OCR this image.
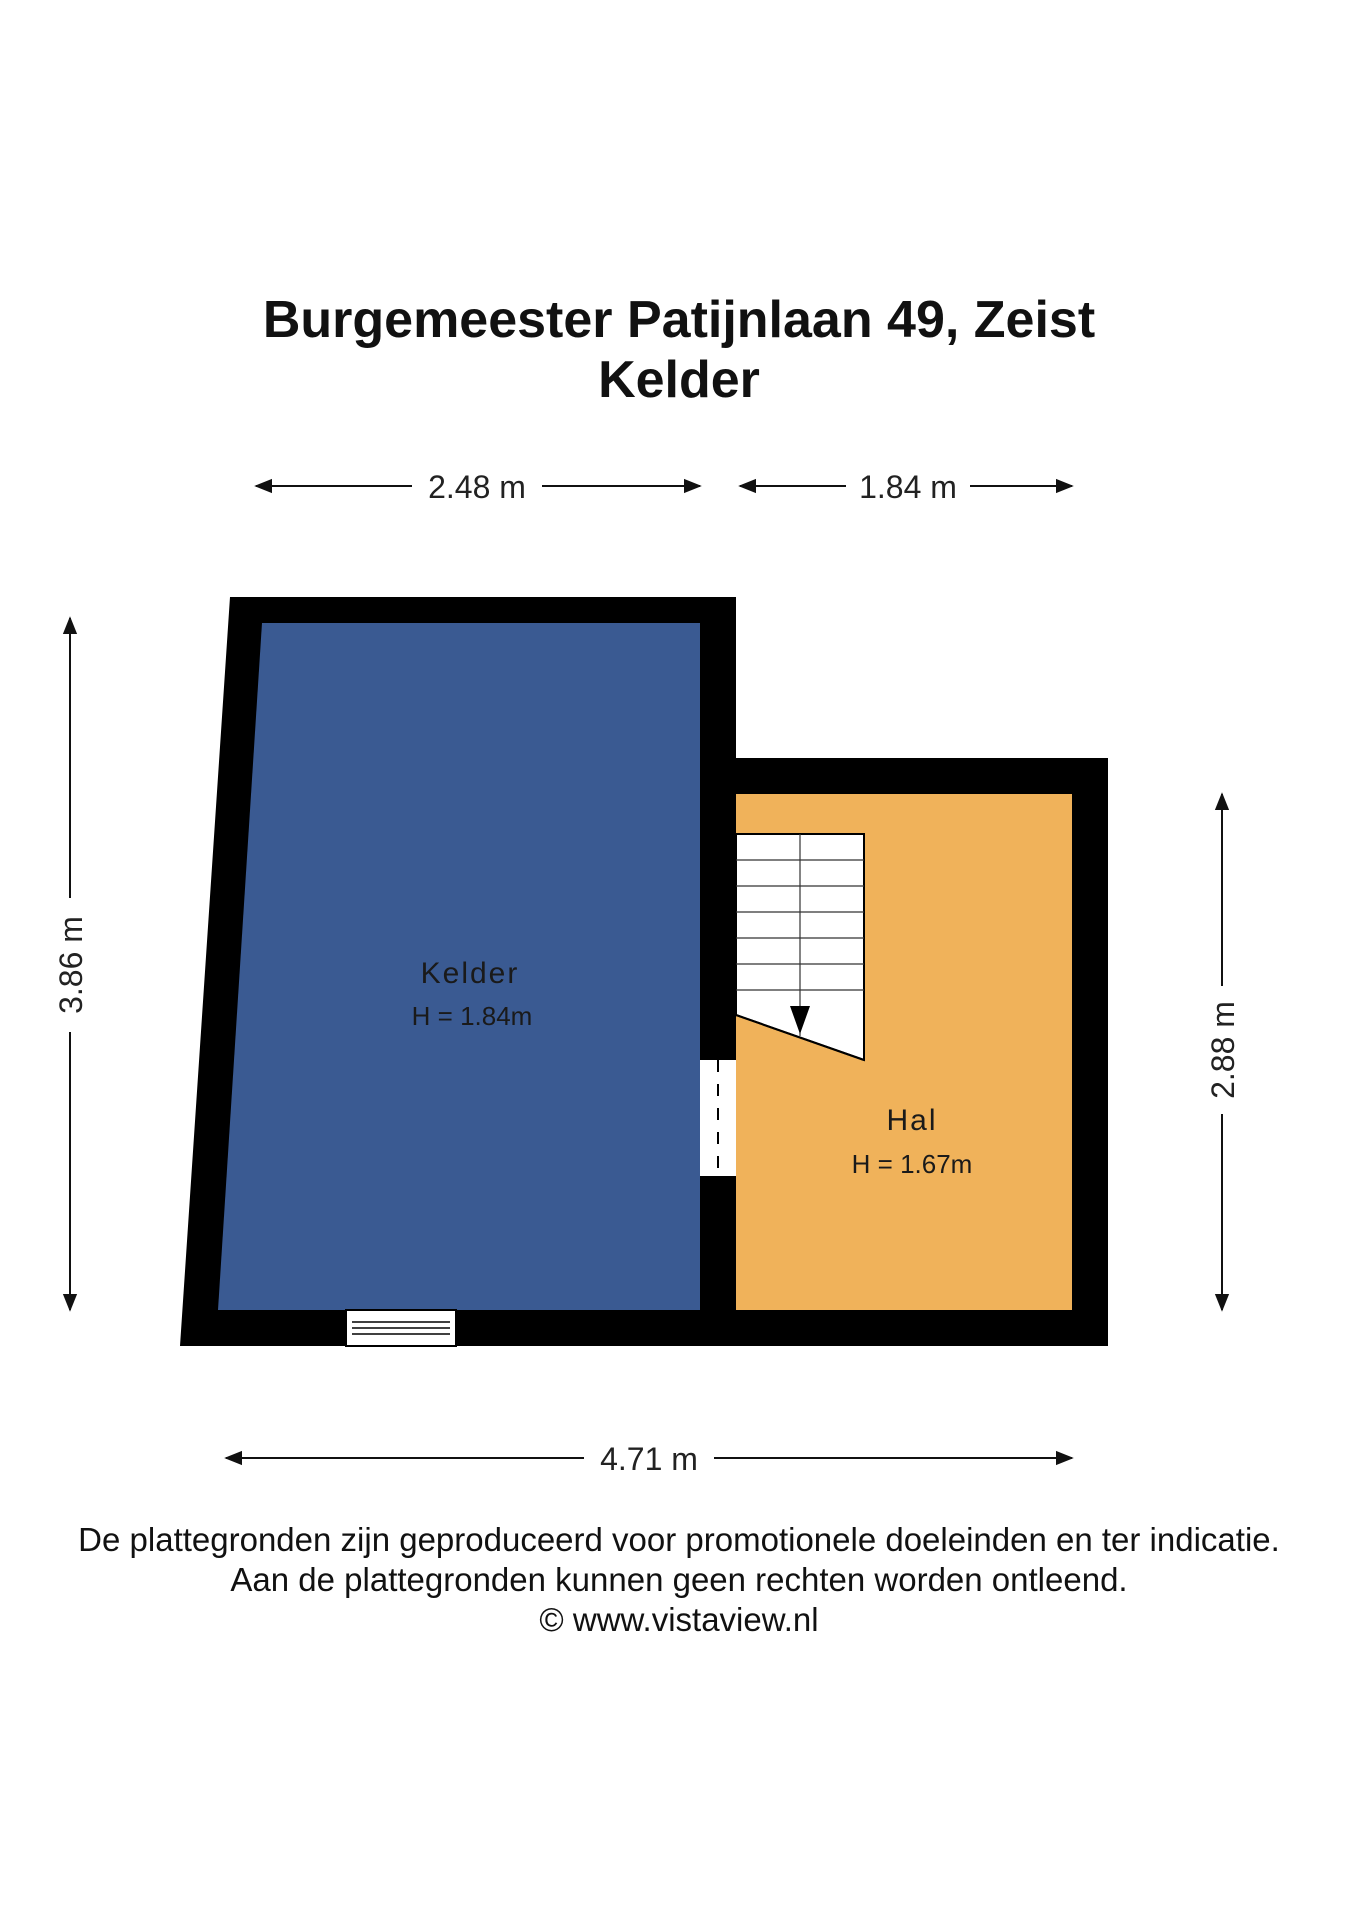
Burgemeester Patijnlaan 49, Zeist
Kelder
Kelder
H = 1.84m
Hal
H = 1.67m
2.48 m	1.84 m
3.86 m
2.88 m
4.71 m
De plattegronden zijn geproduceerd voor promotionele doeleinden en ter indicatie.
Aan de plattegronden kunnen geen rechten worden ontleend.
© www.vistaview.nl
